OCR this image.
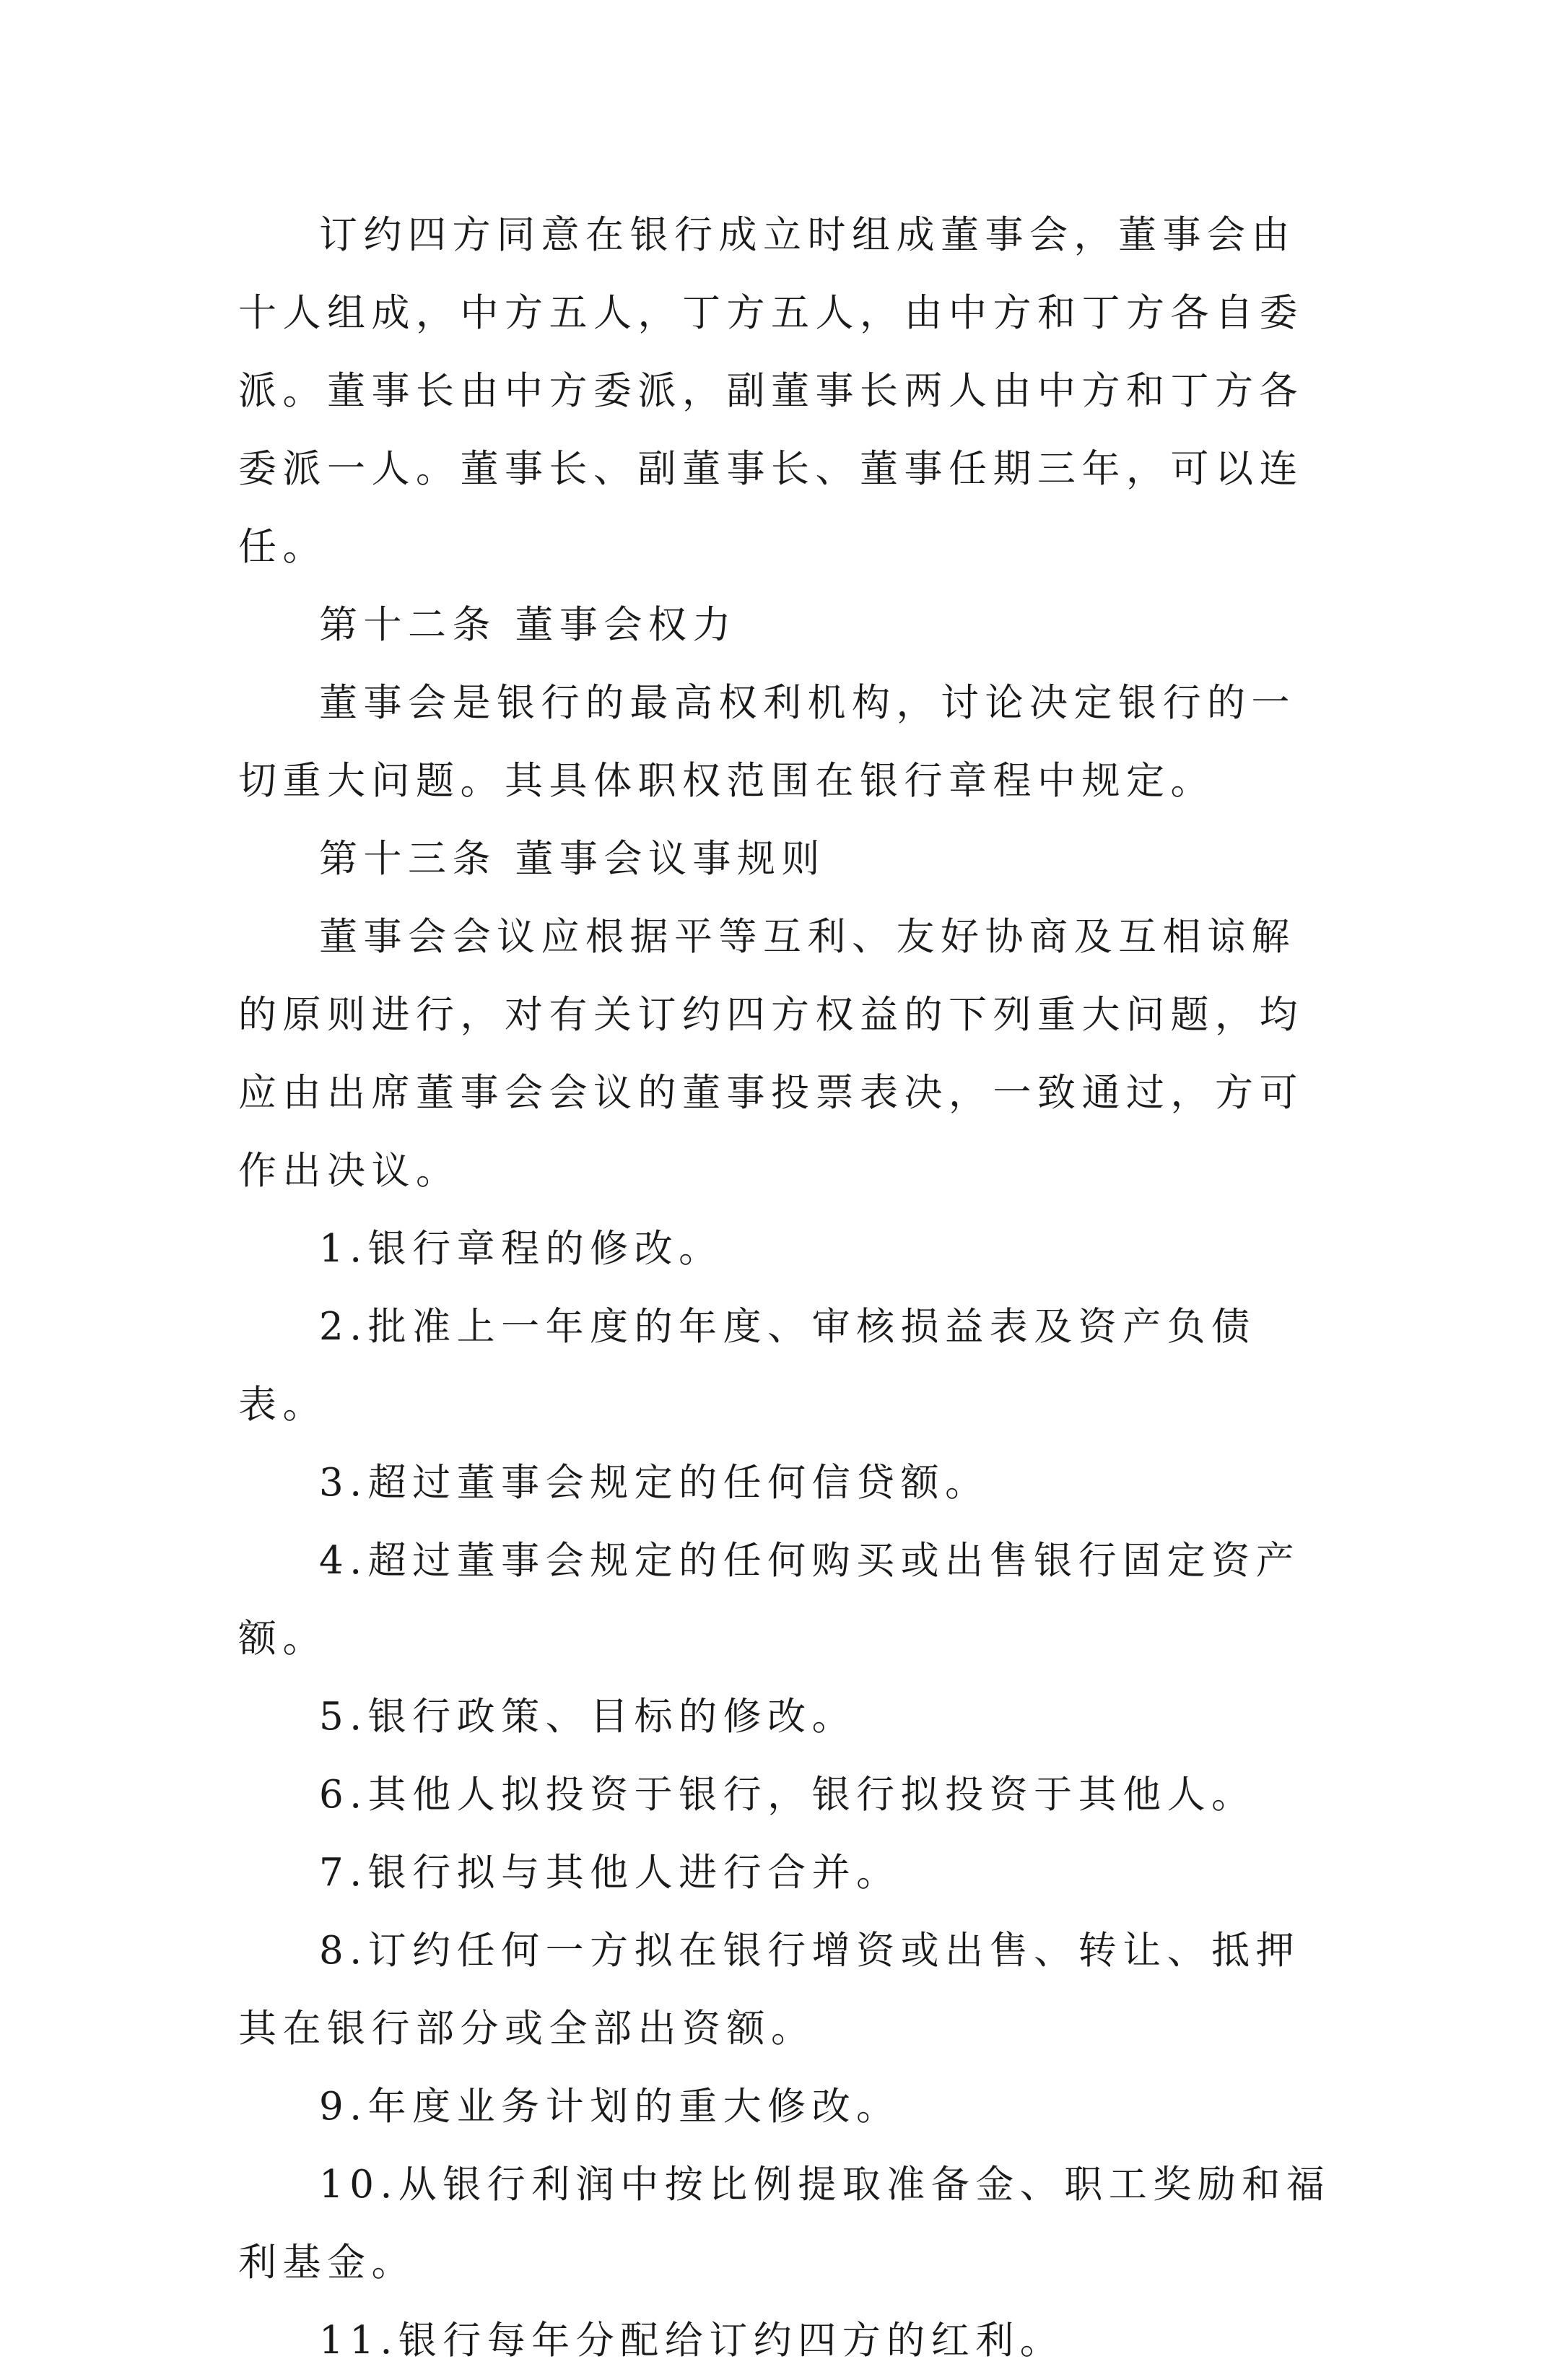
订约四方同意在银行成立时组成董事会，董事会由十人组成，中方五人，丁方五人，由中方和丁方各自委派。董事长由中方委派，副董事长两人由中方和丁方各委派一人。董事长、副董事长、董事任期三年，可以连任。

第十二条 董事会权力

董事会是银行的最高权利机构，讨论决定银行的一切重大问题。其具体职权范围在银行章程中规定。

第十三条 董事会议事规则

董事会会议应根据平等互利、友好协商及互相谅解的原则进行，对有关订约四方权益的下列重大问题，均应由出席董事会会议的董事投票表决，一致通过，方可作出决议。

1.银行章程的修改。

2.批准上一年度的年度、审核损益表及资产负债表。

3.超过董事会规定的任何信贷额。

4.超过董事会规定的任何购买或出售银行固定资产额。

5.银行政策、目标的修改。

6.其他人拟投资于银行，银行拟投资于其他人。

7.银行拟与其他人进行合并。

8.订约任何一方拟在银行增资或出售、转让、抵押其在银行部分或全部出资额。

9.年度业务计划的重大修改。

10.从银行利润中按比例提取准备金、职工奖励和福利基金。

11.银行每年分配给订约四方的红利。
